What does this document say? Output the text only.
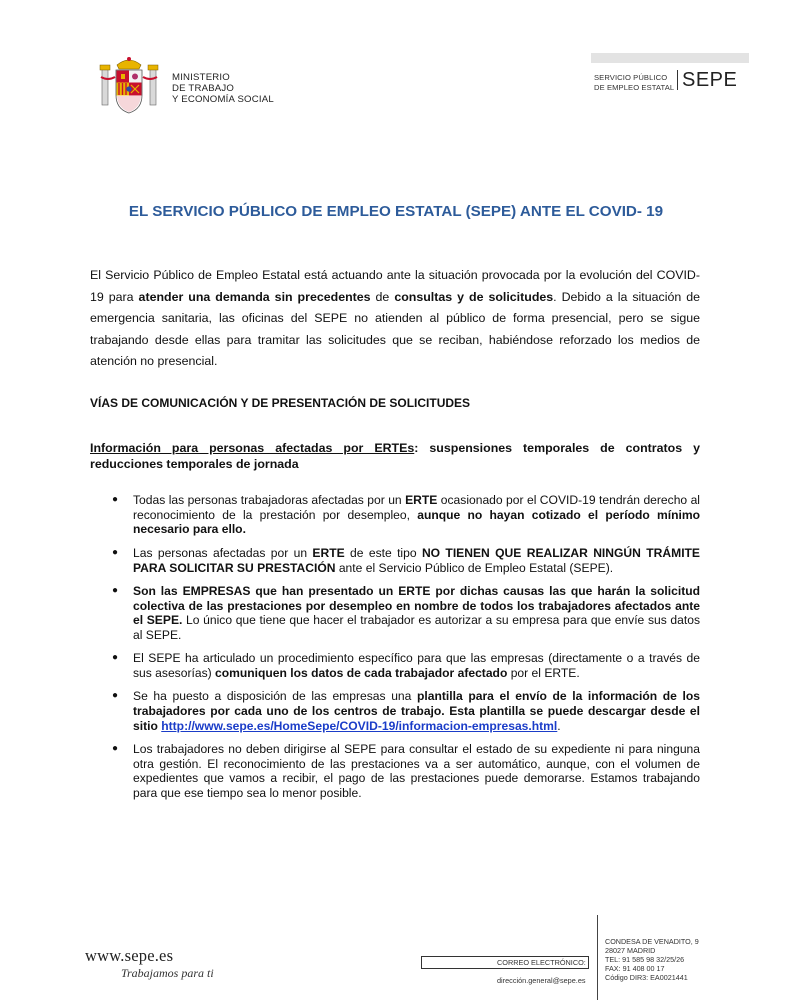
MINISTERIO
DE TRABAJO
Y ECONOMÍA SOCIAL
SERVICIO PÚBLICO
DE EMPLEO ESTATAL SEPE
EL SERVICIO PÚBLICO DE EMPLEO ESTATAL (SEPE) ANTE EL COVID- 19

El Servicio Público de Empleo Estatal está actuando ante la situación provocada por la evolución del COVID-19 para atender una demanda sin precedentes de consultas y de solicitudes. Debido a la situación de emergencia sanitaria, las oficinas del SEPE no atienden al público de forma presencial, pero se sigue trabajando desde ellas para tramitar las solicitudes que se reciban, habiéndose reforzado los medios de atención no presencial.

VÍAS DE COMUNICACIÓN Y DE PRESENTACIÓN DE SOLICITUDES
Información para personas afectadas por ERTEs: suspensiones temporales de contratos y reducciones temporales de jornada
● Todas las personas trabajadoras afectadas por un ERTE ocasionado por el COVID-19 tendrán derecho al reconocimiento de la prestación por desempleo, aunque no hayan cotizado el período mínimo necesario para ello.
● Las personas afectadas por un ERTE de este tipo NO TIENEN QUE REALIZAR NINGÚN TRÁMITE PARA SOLICITAR SU PRESTACIÓN ante el Servicio Público de Empleo Estatal (SEPE).
● Son las EMPRESAS que han presentado un ERTE por dichas causas las que harán la solicitud colectiva de las prestaciones por desempleo en nombre de todos los trabajadores afectados ante el SEPE. Lo único que tiene que hacer el trabajador es autorizar a su empresa para que envíe sus datos al SEPE.
● El SEPE ha articulado un procedimiento específico para que las empresas (directamente o a través de sus asesorías) comuniquen los datos de cada trabajador afectado por el ERTE.
● Se ha puesto a disposición de las empresas una plantilla para el envío de la información de los trabajadores por cada uno de los centros de trabajo. Esta plantilla se puede descargar desde el sitio http://www.sepe.es/HomeSepe/COVID-19/informacion-empresas.html.
● Los trabajadores no deben dirigirse al SEPE para consultar el estado de su expediente ni para ninguna otra gestión. El reconocimiento de las prestaciones va a ser automático, aunque, con el volumen de expedientes que vamos a recibir, el pago de las prestaciones puede demorarse. Estamos trabajando para que ese tiempo sea lo menor posible.
www.sepe.es
Trabajamos para ti
CORREO ELECTRÓNICO:
dirección.general@sepe.es
CONDESA DE VENADITO, 9
28027 MADRID
TEL: 91 585 98 32/25/26
FAX: 91 408 00 17
Código DIR3: EA0021441
